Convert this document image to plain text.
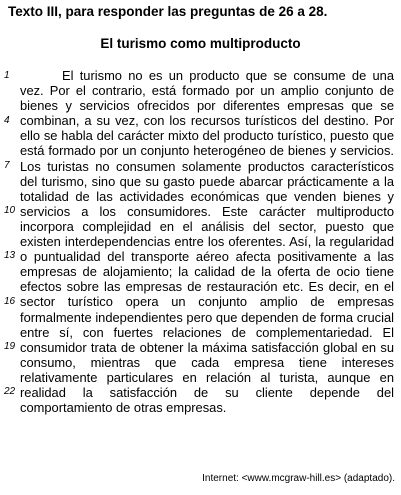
Texto III, para responder las preguntas de 26 a 28.
El turismo como multiproducto
1
4
7
10
13
16
19
22

El turismo no es un producto que se consume de una vez. Por el contrario, está formado por un amplio conjunto de bienes y servicios ofrecidos por diferentes empresas que se combinan, a su vez, con los recursos turísticos del destino. Por ello se habla del carácter mixto del producto turístico, puesto que está formado por un conjunto heterogéneo de bienes y servicios. Los turistas no consumen solamente productos característicos del turismo, sino que su gasto puede abarcar prácticamente a la totalidad de las actividades económicas que venden bienes y servicios a los consumidores. Este carácter multiproducto incorpora complejidad en el análisis del sector, puesto que existen interdependencias entre los oferentes. Así, la regularidad o puntualidad del transporte aéreo afecta positivamente a las empresas de alojamiento; la calidad de la oferta de ocio tiene efectos sobre las empresas de restauración etc. Es decir, en el sector turístico opera un conjunto amplio de empresas formalmente independientes pero que dependen de forma crucial entre sí, con fuertes relaciones de complementariedad. El consumidor trata de obtener la máxima satisfacción global en su consumo, mientras que cada empresa tiene intereses relativamente particulares en relación al turista, aunque en realidad la satisfacción de su cliente depende del comportamiento de otras empresas.

Internet: <www.mcgraw-hill.es> (adaptado).
